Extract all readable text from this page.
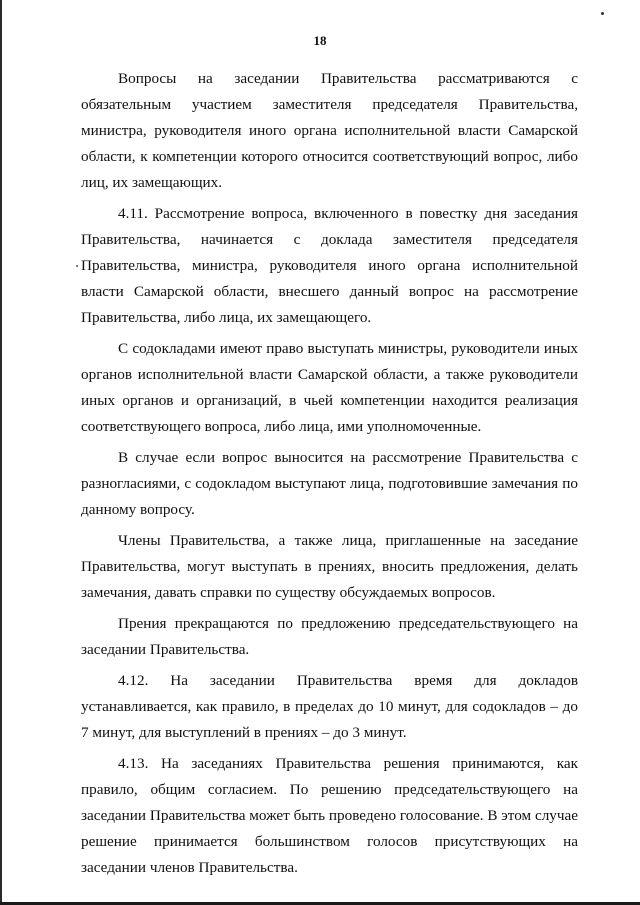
18

Вопросы на заседании Правительства рассматриваются с обязательным участием заместителя председателя Правительства, министра, руководителя иного органа исполнительной власти Самарской области, к компетенции которого относится соответствующий вопрос, либо лиц, их замещающих.

4.11. Рассмотрение вопроса, включенного в повестку дня заседания Правительства, начинается с доклада заместителя председателя Правительства, министра, руководителя иного органа исполнительной власти Самарской области, внесшего данный вопрос на рассмотрение Правительства, либо лица, их замещающего.

С содокладами имеют право выступать министры, руководители иных органов исполнительной власти Самарской области, а также руководители иных органов и организаций, в чьей компетенции находится реализация соответствующего вопроса, либо лица, ими уполномоченные.

В случае если вопрос выносится на рассмотрение Правительства с разногласиями, с содокладом выступают лица, подготовившие замечания по данному вопросу.

Члены Правительства, а также лица, приглашенные на заседание Правительства, могут выступать в прениях, вносить предложения, делать замечания, давать справки по существу обсуждаемых вопросов.

Прения прекращаются по предложению председательствующего на заседании Правительства.

4.12. На заседании Правительства время для докладов устанавливается, как правило, в пределах до 10 минут, для содокладов – до 7 минут, для выступлений в прениях – до 3 минут.

4.13. На заседаниях Правительства решения принимаются, как правило, общим согласием. По решению председательствующего на заседании Правительства может быть проведено голосование. В этом случае решение принимается большинством голосов присутствующих на заседании членов Правительства.
